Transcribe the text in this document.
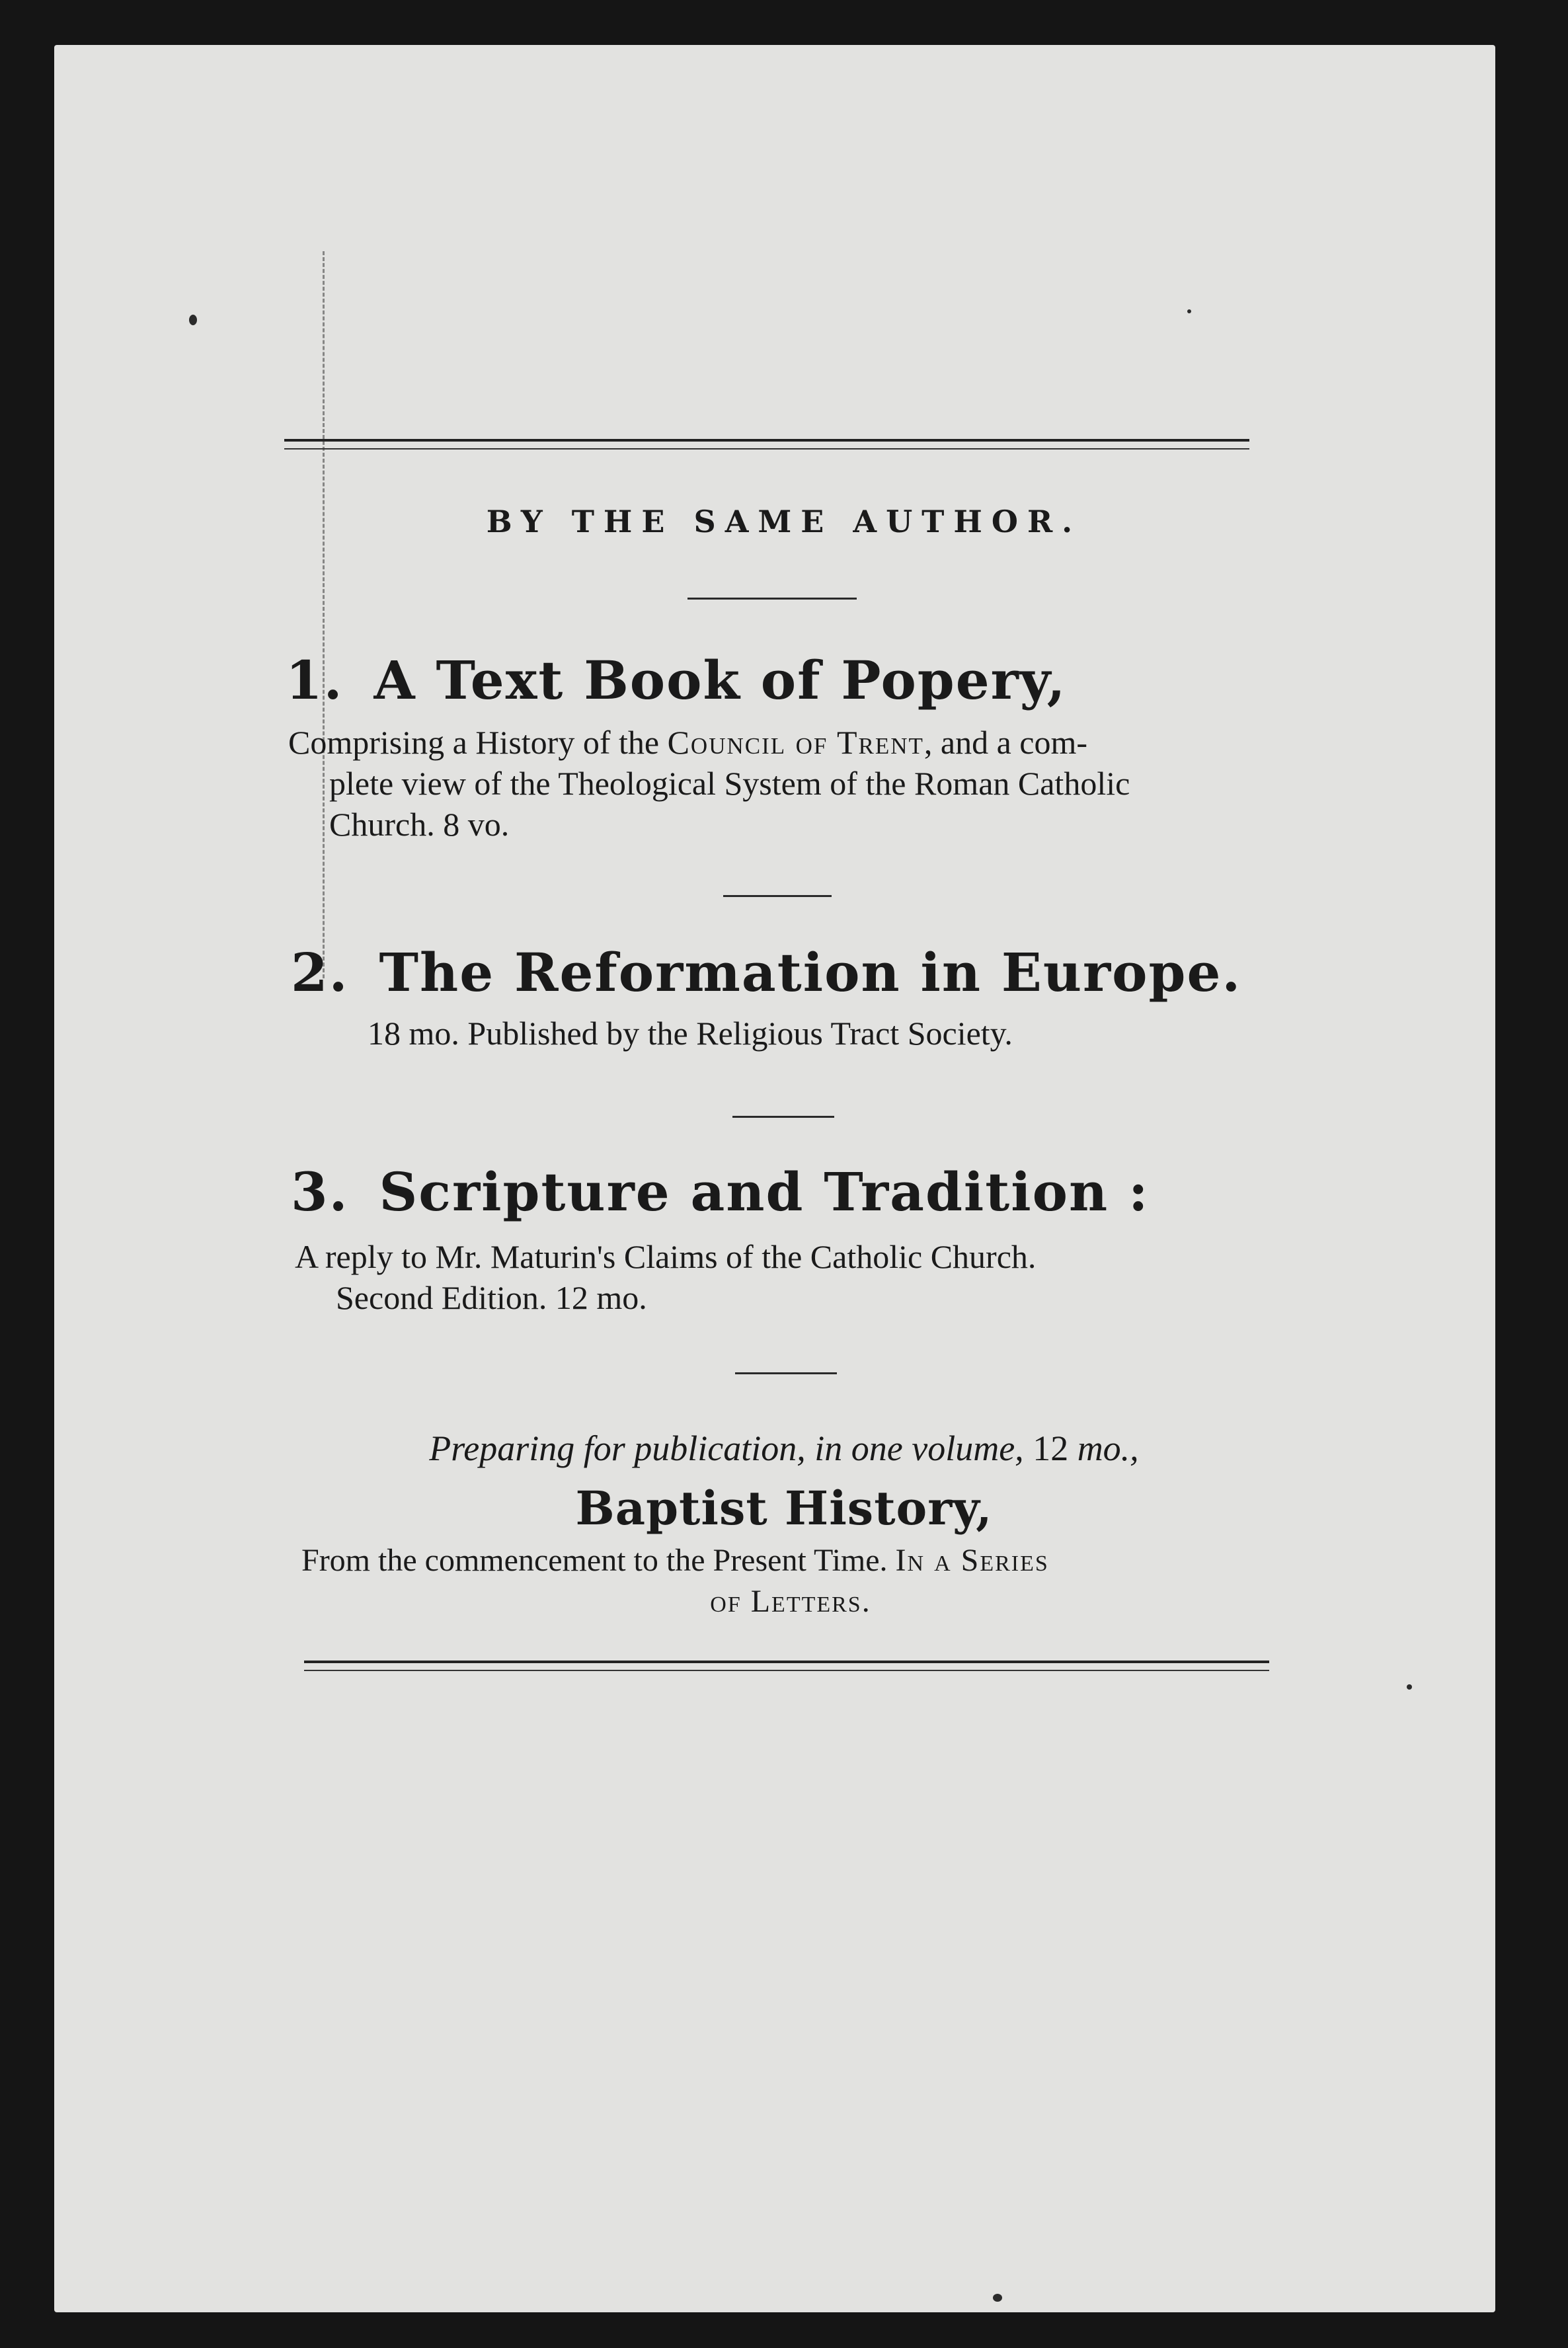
BY THE SAME AUTHOR.
1. A Text Book of Popery,
Comprising a History of the Council of Trent, and a com-
plete view of the Theological System of the Roman Catholic
Church. 8 vo.
2. The Reformation in Europe.
18 mo. Published by the Religious Tract Society.
3. Scripture and Tradition :
A reply to Mr. Maturin's Claims of the Catholic Church.
Second Edition. 12 mo.
Preparing for publication, in one volume, 12 mo.,
Baptist History,
From the commencement to the Present Time. In a Series
of Letters.
